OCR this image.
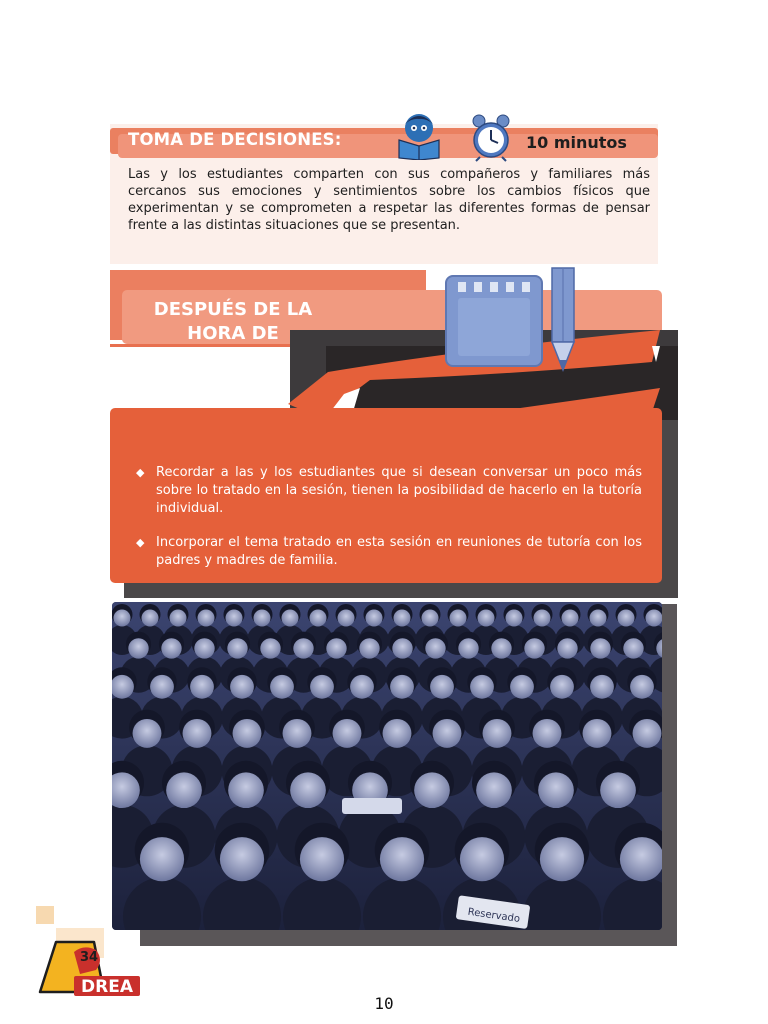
TOMA DE DECISIONES:	10 minutos
Las y los estudiantes comparten con sus compañeros y familiares más cercanos sus emociones y sentimientos sobre los cambios físicos que experimentan y se comprometen a respetar las diferentes formas de pensar frente a las distintas situaciones que se presentan.
DESPUÉS DE LA HORA DE
◆ Recordar a las y los estudiantes que si desean conversar un poco más sobre lo tratado en la sesión, tienen la posibilidad de hacerlo en la tutoría individual.
◆ Incorporar el tema tratado en esta sesión en reuniones de tutoría con los padres y madres de familia.
Reservado
DREA
34
10
